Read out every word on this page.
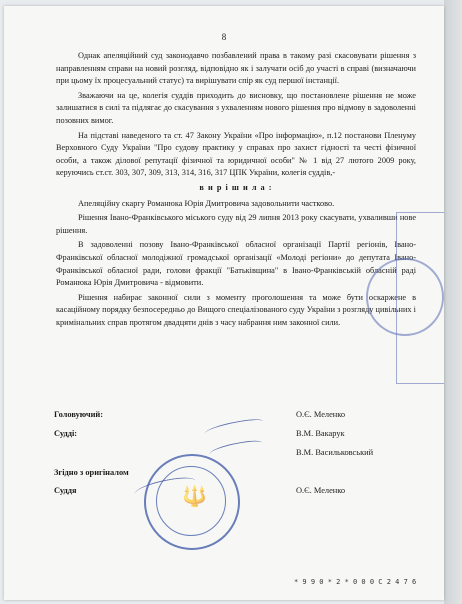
8

Однак апеляційний суд законодавчо позбавлений права в такому разі скасовувати рішення з направленням справи на новий розгляд, відповідно як і залучати осіб до участі в справі (визначаючи при цьому їх процесуальний статус) та вирішувати спір як суд першої інстанції.

Зважаючи на це, колегія суддів приходить до висновку, що постановлене рішення не може залишатися в силі та підлягає до скасування з ухваленням нового рішення про відмову в задоволенні позовних вимог.

На підставі наведеного та ст. 47 Закону України «Про інформацію», п.12 постанови Пленуму Верховного Суду України "Про судову практику у справах про захист гідності та честі фізичної особи, а також ділової репутації фізичної та юридичної особи" № 1 від 27 лютого 2009 року, керуючись ст.ст. 303, 307, 309, 313, 314, 316, 317 ЦПК України, колегія суддів,-

в и р і ш и л а :

Апеляційну скаргу Романюка Юрія Дмитровича задовольнити частково.

Рішення Івано-Франківського міського суду від 29 липня 2013 року скасувати, ухваливши нове рішення.

В задоволенні позову Івано-Франківської обласної організації Партії регіонів, Івано-Франківської обласної молодіжної громадської організації «Молоді регіони» до депутата Івано-Франківської обласної ради, голови фракції "Батьківщина" в Івано-Франківській обласній раді Романюка Юрія Дмитровича - відмовити.

Рішення набирає законної сили з моменту проголошення та може бути оскаржене в касаційному порядку безпосередньо до Вищого спеціалізованого суду України з розгляду цивільних і кримінальних справ протягом двадцяти днів з часу набрання ним законної сили.

Головуючий:	О.Є. Меленко
Судді:	В.М. Вакарук
В.М. Васильковський
Згідно з оригіналом
Суддя	О.Є. Меленко
🔱
* 9 9 0 * 2 * 0 0 0 C 2 4 7 6
